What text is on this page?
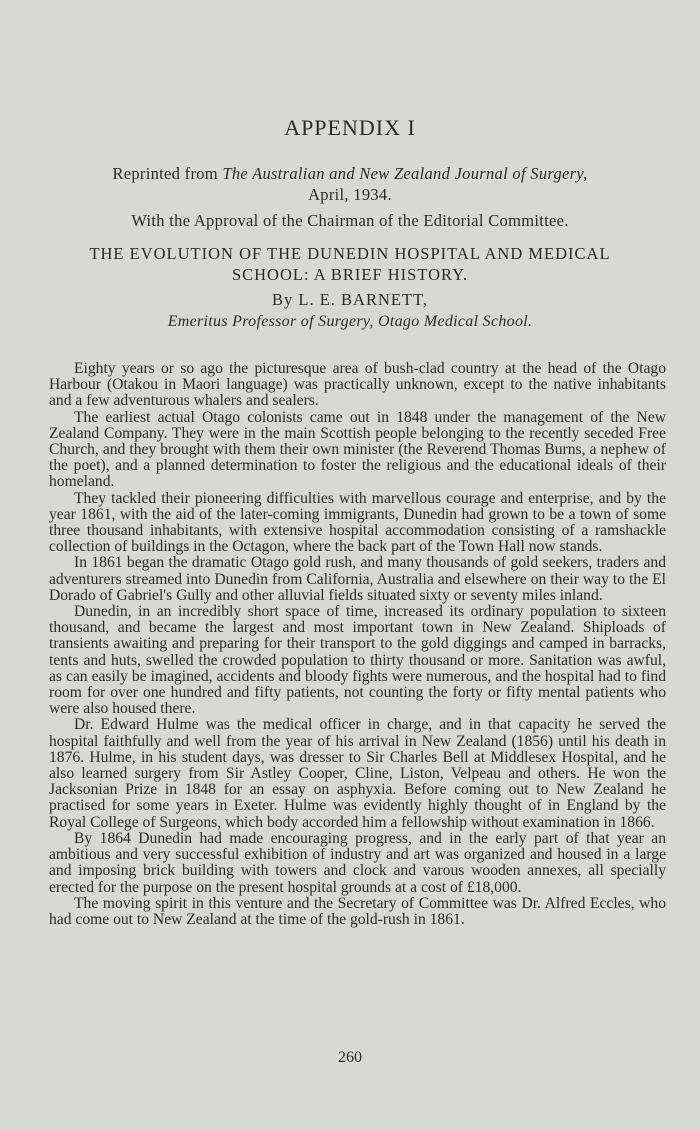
APPENDIX I
Reprinted from The Australian and New Zealand Journal of Surgery,
April, 1934.
With the Approval of the Chairman of the Editorial Committee.
THE EVOLUTION OF THE DUNEDIN HOSPITAL AND MEDICAL
SCHOOL: A BRIEF HISTORY.
By L. E. BARNETT,
Emeritus Professor of Surgery, Otago Medical School.

Eighty years or so ago the picturesque area of bush-clad country at the head of the Otago Harbour (Otakou in Maori language) was practically unknown, except to the native inhabitants and a few adventurous whalers and sealers.

The earliest actual Otago colonists came out in 1848 under the management of the New Zealand Company. They were in the main Scottish people belonging to the recently seceded Free Church, and they brought with them their own minister (the Reverend Thomas Burns, a nephew of the poet), and a planned determination to foster the religious and the educational ideals of their homeland.

They tackled their pioneering difficulties with marvellous courage and enterprise, and by the year 1861, with the aid of the later-coming immigrants, Dunedin had grown to be a town of some three thousand inhabitants, with extensive hospital accommodation consisting of a ramshackle collection of buildings in the Octagon, where the back part of the Town Hall now stands.

In 1861 began the dramatic Otago gold rush, and many thousands of gold seekers, traders and adventurers streamed into Dunedin from California, Australia and elsewhere on their way to the El Dorado of Gabriel's Gully and other alluvial fields situated sixty or seventy miles inland.

Dunedin, in an incredibly short space of time, increased its ordinary population to sixteen thousand, and became the largest and most important town in New Zealand. Shiploads of transients awaiting and preparing for their transport to the gold diggings and camped in barracks, tents and huts, swelled the crowded population to thirty thousand or more. Sanitation was awful, as can easily be imagined, accidents and bloody fights were numerous, and the hospital had to find room for over one hundred and fifty patients, not counting the forty or fifty mental patients who were also housed there.

Dr. Edward Hulme was the medical officer in charge, and in that capacity he served the hospital faithfully and well from the year of his arrival in New Zealand (1856) until his death in 1876. Hulme, in his student days, was dresser to Sir Charles Bell at Middlesex Hospital, and he also learned surgery from Sir Astley Cooper, Cline, Liston, Velpeau and others. He won the Jacksonian Prize in 1848 for an essay on asphyxia. Before coming out to New Zealand he practised for some years in Exeter. Hulme was evidently highly thought of in England by the Royal College of Surgeons, which body accorded him a fellowship without examination in 1866.

By 1864 Dunedin had made encouraging progress, and in the early part of that year an ambitious and very successful exhibition of industry and art was organized and housed in a large and imposing brick building with towers and clock and varous wooden annexes, all specially erected for the purpose on the present hospital grounds at a cost of £18,000.

The moving spirit in this venture and the Secretary of Committee was Dr. Alfred Eccles, who had come out to New Zealand at the time of the gold-rush in 1861.

260
